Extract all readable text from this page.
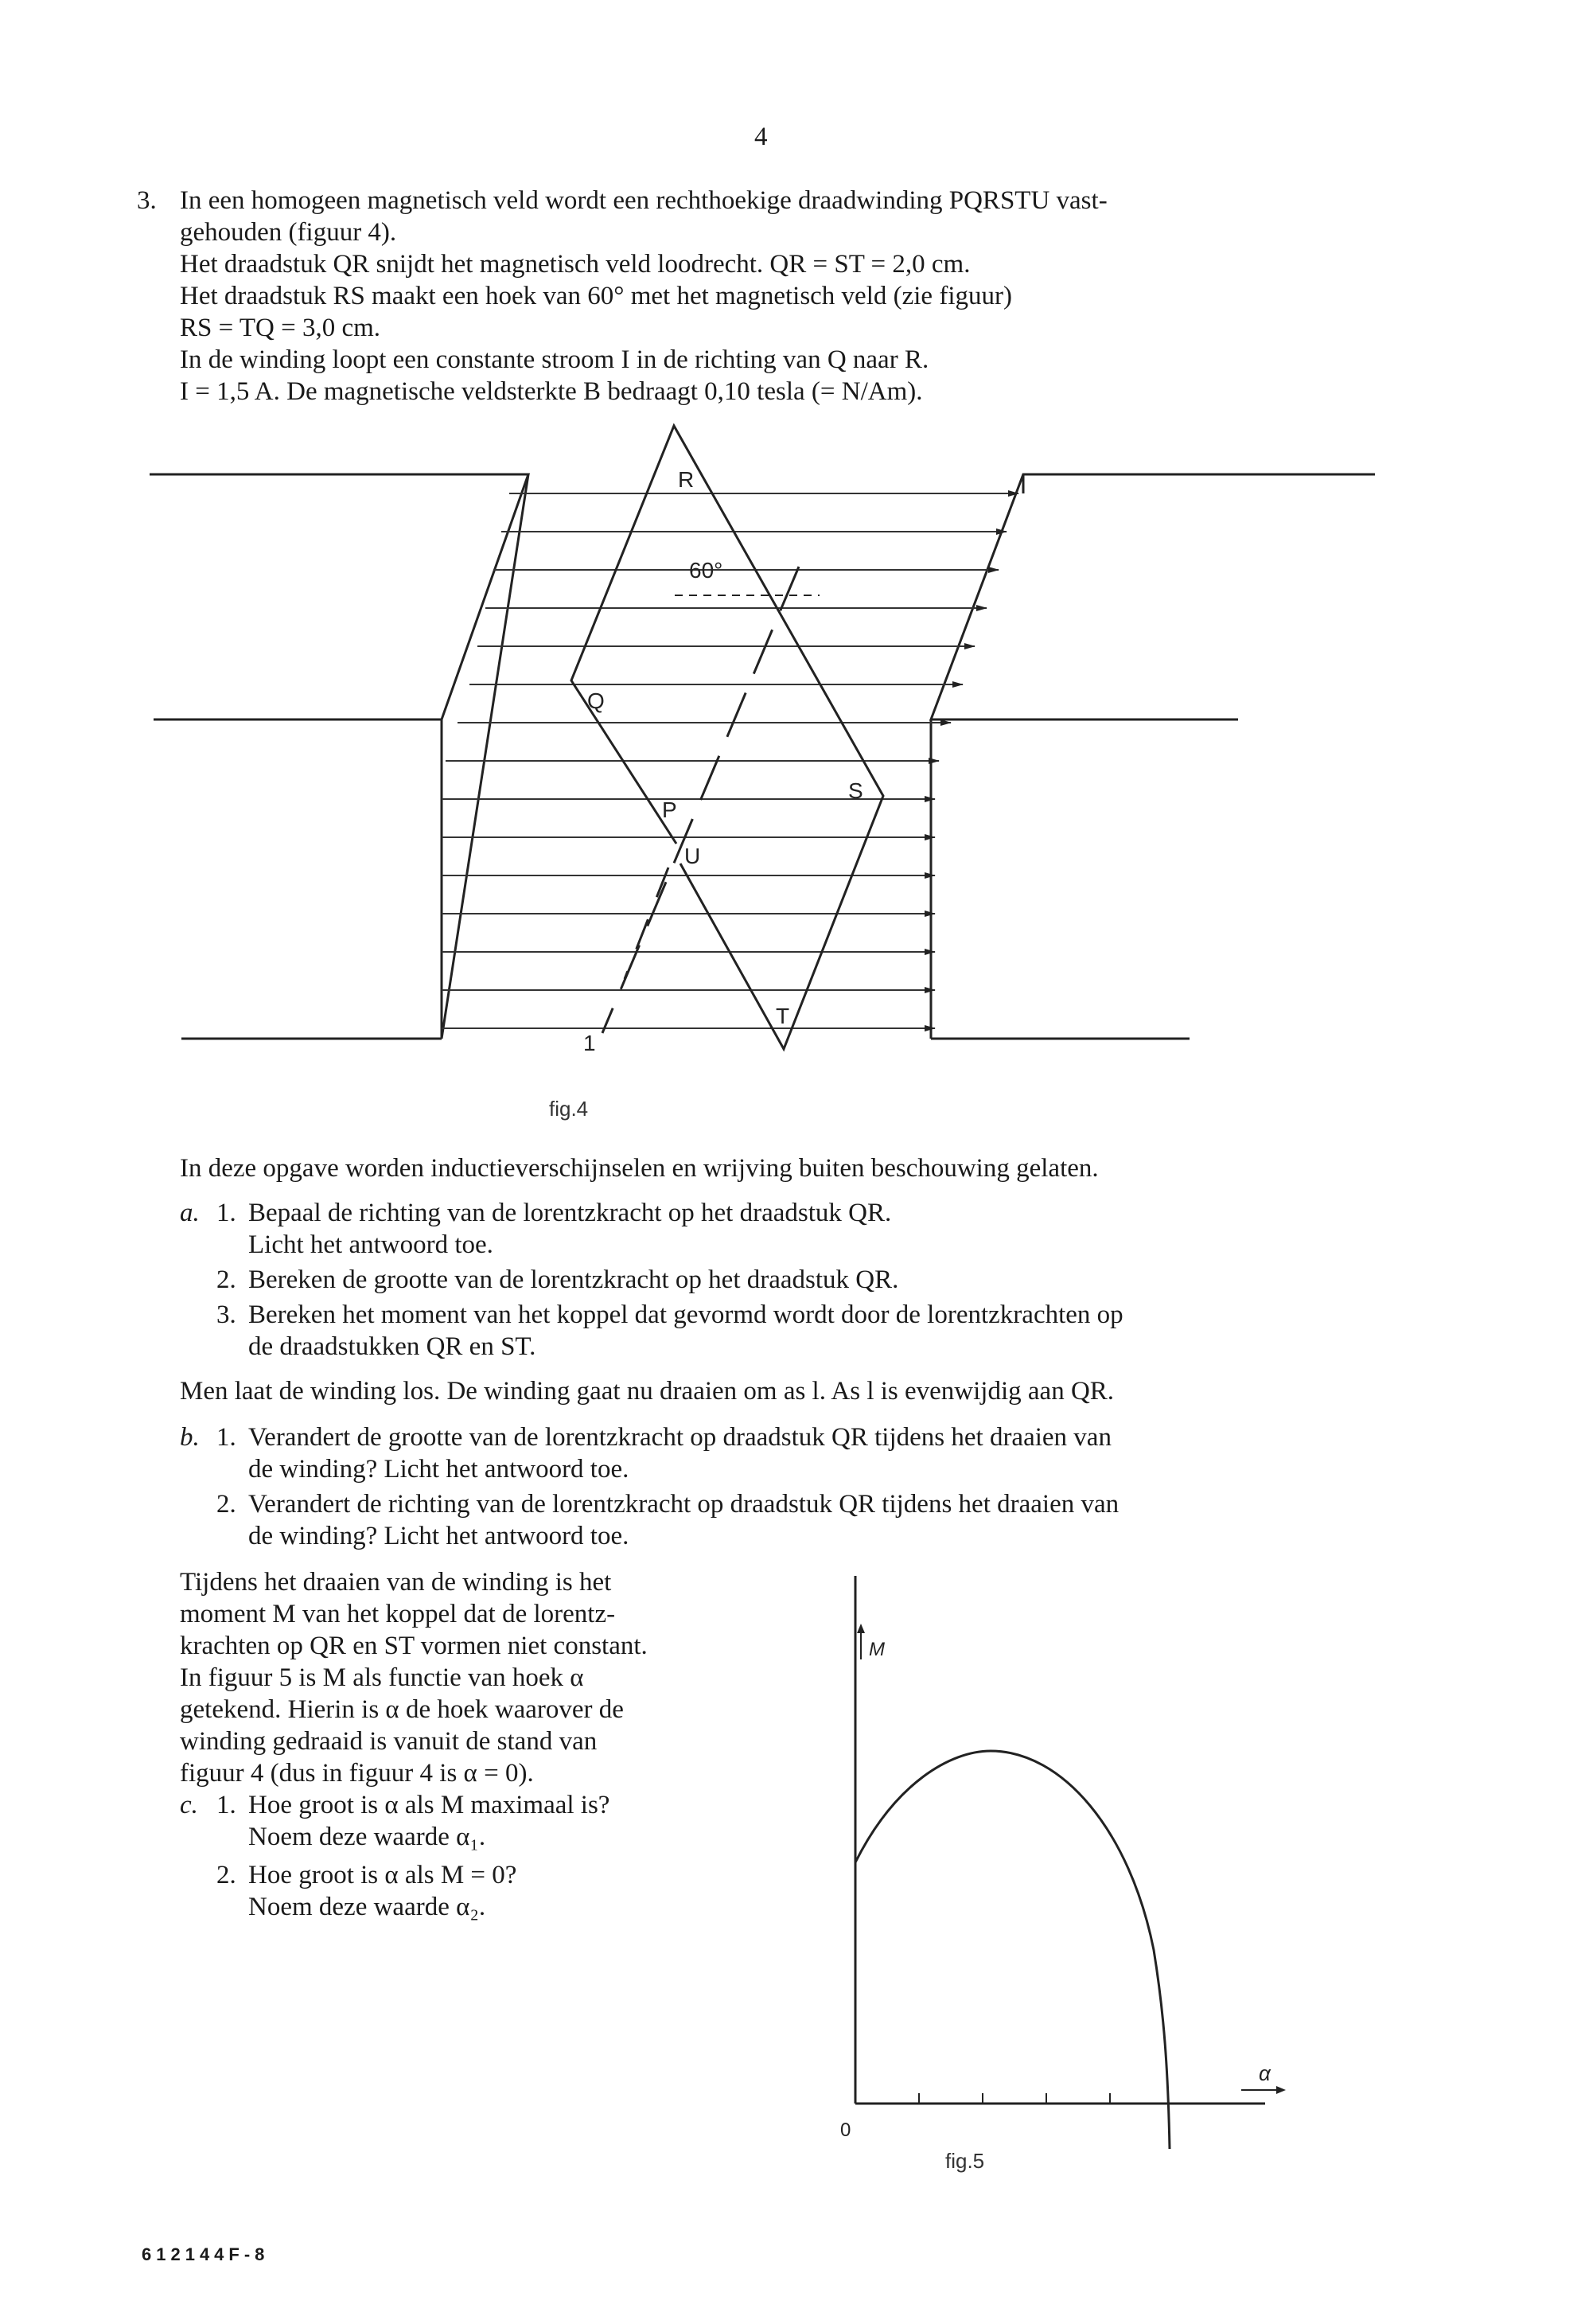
4
3. In een homogeen magnetisch veld wordt een rechthoekige draadwinding PQRSTU vast-
gehouden (figuur 4).
Het draadstuk QR snijdt het magnetisch veld loodrecht. QR = ST = 2,0 cm.
Het draadstuk RS maakt een hoek van 60° met het magnetisch veld (zie figuur)
RS = TQ = 3,0 cm.
In de winding loopt een constante stroom I in de richting van Q naar R.
I = 1,5 A. De magnetische veldsterkte B bedraagt 0,10 tesla (= N/Am).
R
60°
Q
P
U
S
T
1
fig.4
In deze opgave worden inductieverschijnselen en wrijving buiten beschouwing gelaten.
a. 1. Bepaal de richting van de lorentzkracht op het draadstuk QR.
Licht het antwoord toe.
2. Bereken de grootte van de lorentzkracht op het draadstuk QR.
3. Bereken het moment van het koppel dat gevormd wordt door de lorentzkrachten op
de draadstukken QR en ST.
Men laat de winding los. De winding gaat nu draaien om as l. As l is evenwijdig aan QR.
b. 1. Verandert de grootte van de lorentzkracht op draadstuk QR tijdens het draaien van
de winding? Licht het antwoord toe.
2. Verandert de richting van de lorentzkracht op draadstuk QR tijdens het draaien van
de winding? Licht het antwoord toe.
Tijdens het draaien van de winding is het
moment M van het koppel dat de lorentz-
krachten op QR en ST vormen niet constant.
In figuur 5 is M als functie van hoek α
getekend. Hierin is α de hoek waarover de
winding gedraaid is vanuit de stand van
figuur 4 (dus in figuur 4 is α = 0).
c. 1. Hoe groot is α als M maximaal is?
Noem deze waarde α₁.
2. Hoe groot is α als M = 0?
Noem deze waarde α₂.
M
α
0
fig.5
612144F-8
